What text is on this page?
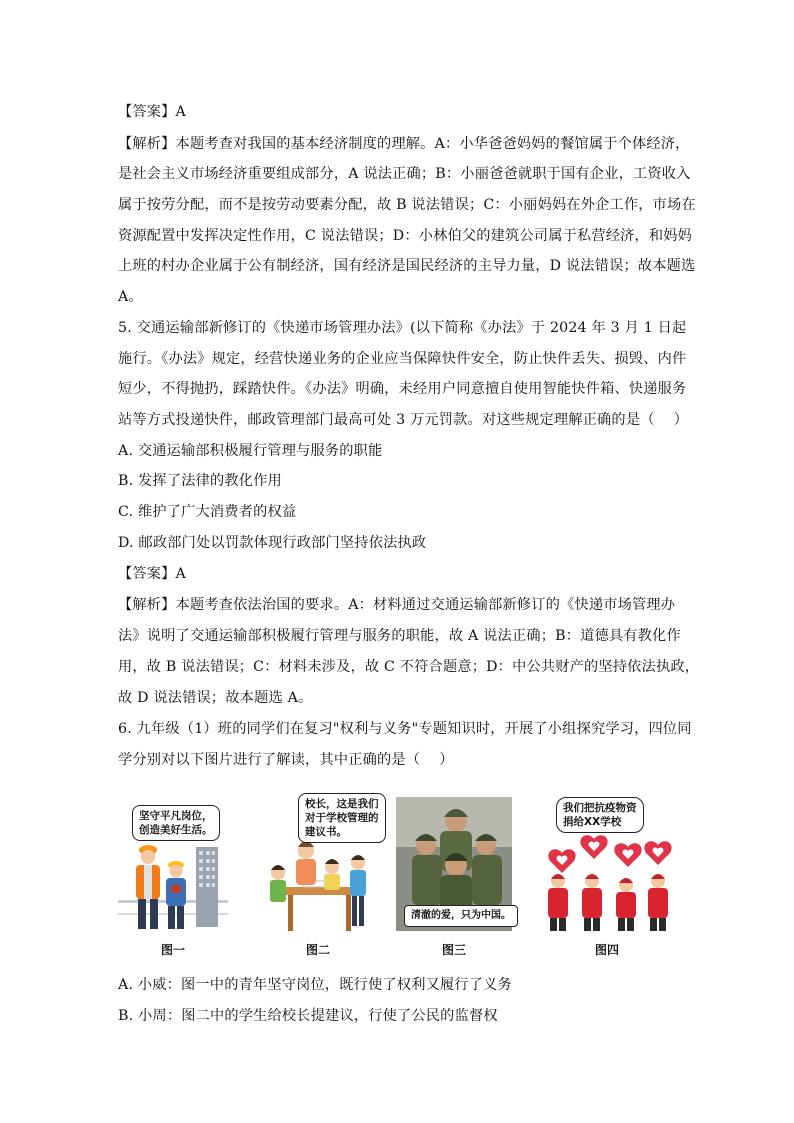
【答案】A
【解析】本题考查对我国的基本经济制度的理解。A：小华爸爸妈妈的餐馆属于个体经济，
是社会主义市场经济重要组成部分，A 说法正确；B：小丽爸爸就职于国有企业，工资收入
属于按劳分配，而不是按劳动要素分配，故 B 说法错误；C：小丽妈妈在外企工作，市场在
资源配置中发挥决定性作用，C 说法错误；D：小林伯父的建筑公司属于私营经济，和妈妈
上班的村办企业属于公有制经济，国有经济是国民经济的主导力量，D 说法错误；故本题选
A。
5. 交通运输部新修订的《快递市场管理办法》(以下简称《办法》于 2024 年 3 月 1 日起
施行。《办法》规定，经营快递业务的企业应当保障快件安全，防止快件丢失、损毁、内件
短少，不得抛扔，踩踏快件。《办法》明确，未经用户同意擅自使用智能快件箱、快递服务
站等方式投递快件，邮政管理部门最高可处 3 万元罚款。对这些规定理解正确的是（　 ）
A. 交通运输部积极履行管理与服务的职能
B. 发挥了法律的教化作用
C. 维护了广大消费者的权益
D. 邮政部门处以罚款体现行政部门坚持依法执政
【答案】A
【解析】本题考查依法治国的要求。A：材料通过交通运输部新修订的《快递市场管理办
法》说明了交通运输部积极履行管理与服务的职能，故 A 说法正确；B：道德具有教化作
用，故 B 说法错误；C：材料未涉及，故 C 不符合题意；D：中公共财产的坚持依法执政，
故 D 说法错误；故本题选 A。
6. 九年级（1）班的同学们在复习"权利与义务"专题知识时，开展了小组探究学习，四位同
学分别对以下图片进行了解读，其中正确的是（　 ）
坚守平凡岗位，
创造美好生活。
图一
校长，这是我们
对于学校管理的
建议书。
图二
清澈的爱，只为中国。
图三
我们把抗疫物资
捐给XX学校
图四
A. 小威：图一中的青年坚守岗位，既行使了权利又履行了义务
B. 小周：图二中的学生给校长提建议，行使了公民的监督权
